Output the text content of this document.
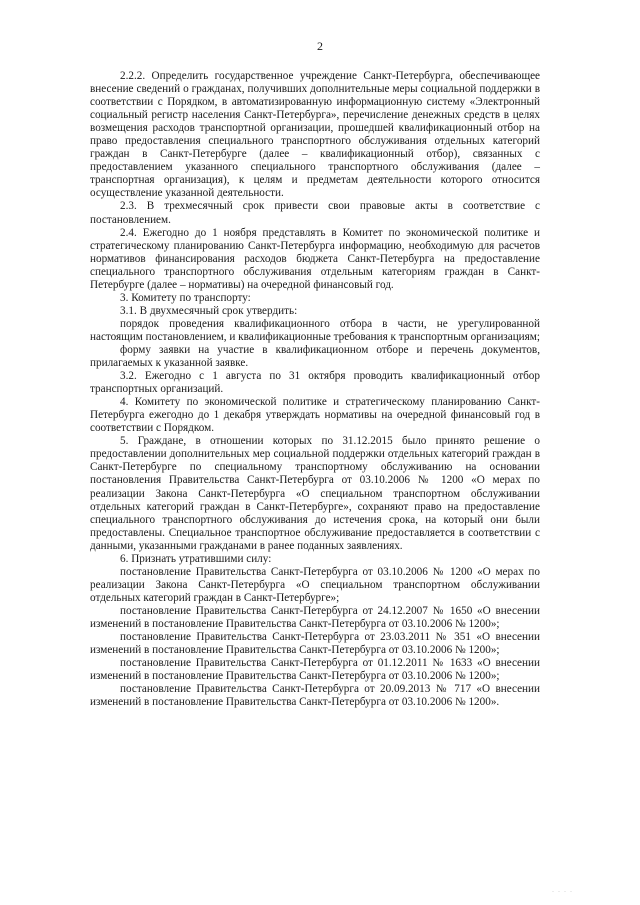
2

2.2.2. Определить государственное учреждение Санкт-Петербурга, обеспечивающее внесение сведений о гражданах, получивших дополнительные меры социальной поддержки в соответствии с Порядком, в автоматизированную информационную систему «Электронный социальный регистр населения Санкт-Петербурга», перечисление денежных средств в целях возмещения расходов транспортной организации, прошедшей квалификационный отбор на право предоставления специального транспортного обслуживания отдельных категорий граждан в Санкт-Петербурге (далее – квалификационный отбор), связанных с предоставлением указанного специального транспортного обслуживания (далее – транспортная организация), к целям и предметам деятельности которого относится осуществление указанной деятельности.

2.3. В трехмесячный срок привести свои правовые акты в соответствие с постановлением.

2.4. Ежегодно до 1 ноября представлять в Комитет по экономической политике и стратегическому планированию Санкт-Петербурга информацию, необходимую для расчетов нормативов финансирования расходов бюджета Санкт-Петербурга на предоставление специального транспортного обслуживания отдельным категориям граждан в Санкт-Петербурге (далее – нормативы) на очередной финансовый год.

3. Комитету по транспорту:

3.1. В двухмесячный срок утвердить:

порядок проведения квалификационного отбора в части, не урегулированной настоящим постановлением, и квалификационные требования к транспортным организациям;

форму заявки на участие в квалификационном отборе и перечень документов, прилагаемых к указанной заявке.

3.2. Ежегодно с 1 августа по 31 октября проводить квалификационный отбор транспортных организаций.

4. Комитету по экономической политике и стратегическому планированию Санкт-Петербурга ежегодно до 1 декабря утверждать нормативы на очередной финансовый год в соответствии с Порядком.

5. Граждане, в отношении которых по 31.12.2015 было принято решение о предоставлении дополнительных мер социальной поддержки отдельных категорий граждан в Санкт-Петербурге по специальному транспортному обслуживанию на основании постановления Правительства Санкт-Петербурга от 03.10.2006 № 1200 «О мерах по реализации Закона Санкт-Петербурга «О специальном транспортном обслуживании отдельных категорий граждан в Санкт-Петербурге», сохраняют право на предоставление специального транспортного обслуживания до истечения срока, на который они были предоставлены. Специальное транспортное обслуживание предоставляется в соответствии с данными, указанными гражданами в ранее поданных заявлениях.

6. Признать утратившими силу:

постановление Правительства Санкт-Петербурга от 03.10.2006 № 1200 «О мерах по реализации Закона Санкт-Петербурга «О специальном транспортном обслуживании отдельных категорий граждан в Санкт-Петербурге»;

постановление Правительства Санкт-Петербурга от 24.12.2007 № 1650 «О внесении изменений в постановление Правительства Санкт-Петербурга от 03.10.2006 № 1200»;

постановление Правительства Санкт-Петербурга от 23.03.2011 № 351 «О внесении изменений в постановление Правительства Санкт-Петербурга от 03.10.2006 № 1200»;

постановление Правительства Санкт-Петербурга от 01.12.2011 № 1633 «О внесении изменений в постановление Правительства Санкт-Петербурга от 03.10.2006 № 1200»;

постановление Правительства Санкт-Петербурга от 20.09.2013 № 717 «О внесении изменений в постановление Правительства Санкт-Петербурга от 03.10.2006 № 1200».

. . . .
